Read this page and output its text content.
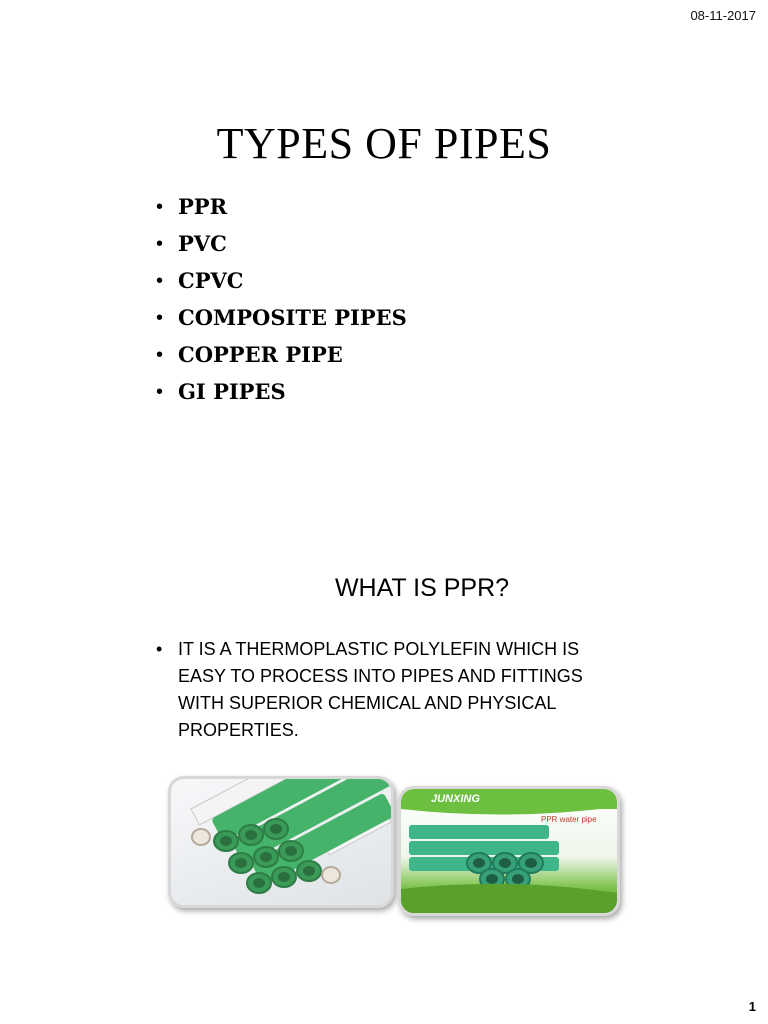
08-11-2017
TYPES OF PIPES
• PPR
• PVC
• CPVC
• COMPOSITE PIPES
• COPPER PIPE
• GI PIPES
WHAT IS PPR?
• IT IS A THERMOPLASTIC POLYLEFIN WHICH IS EASY TO PROCESS INTO PIPES AND FITTINGS WITH SUPERIOR CHEMICAL AND PHYSICAL PROPERTIES.
JUNXING
PPR water pipe
1
